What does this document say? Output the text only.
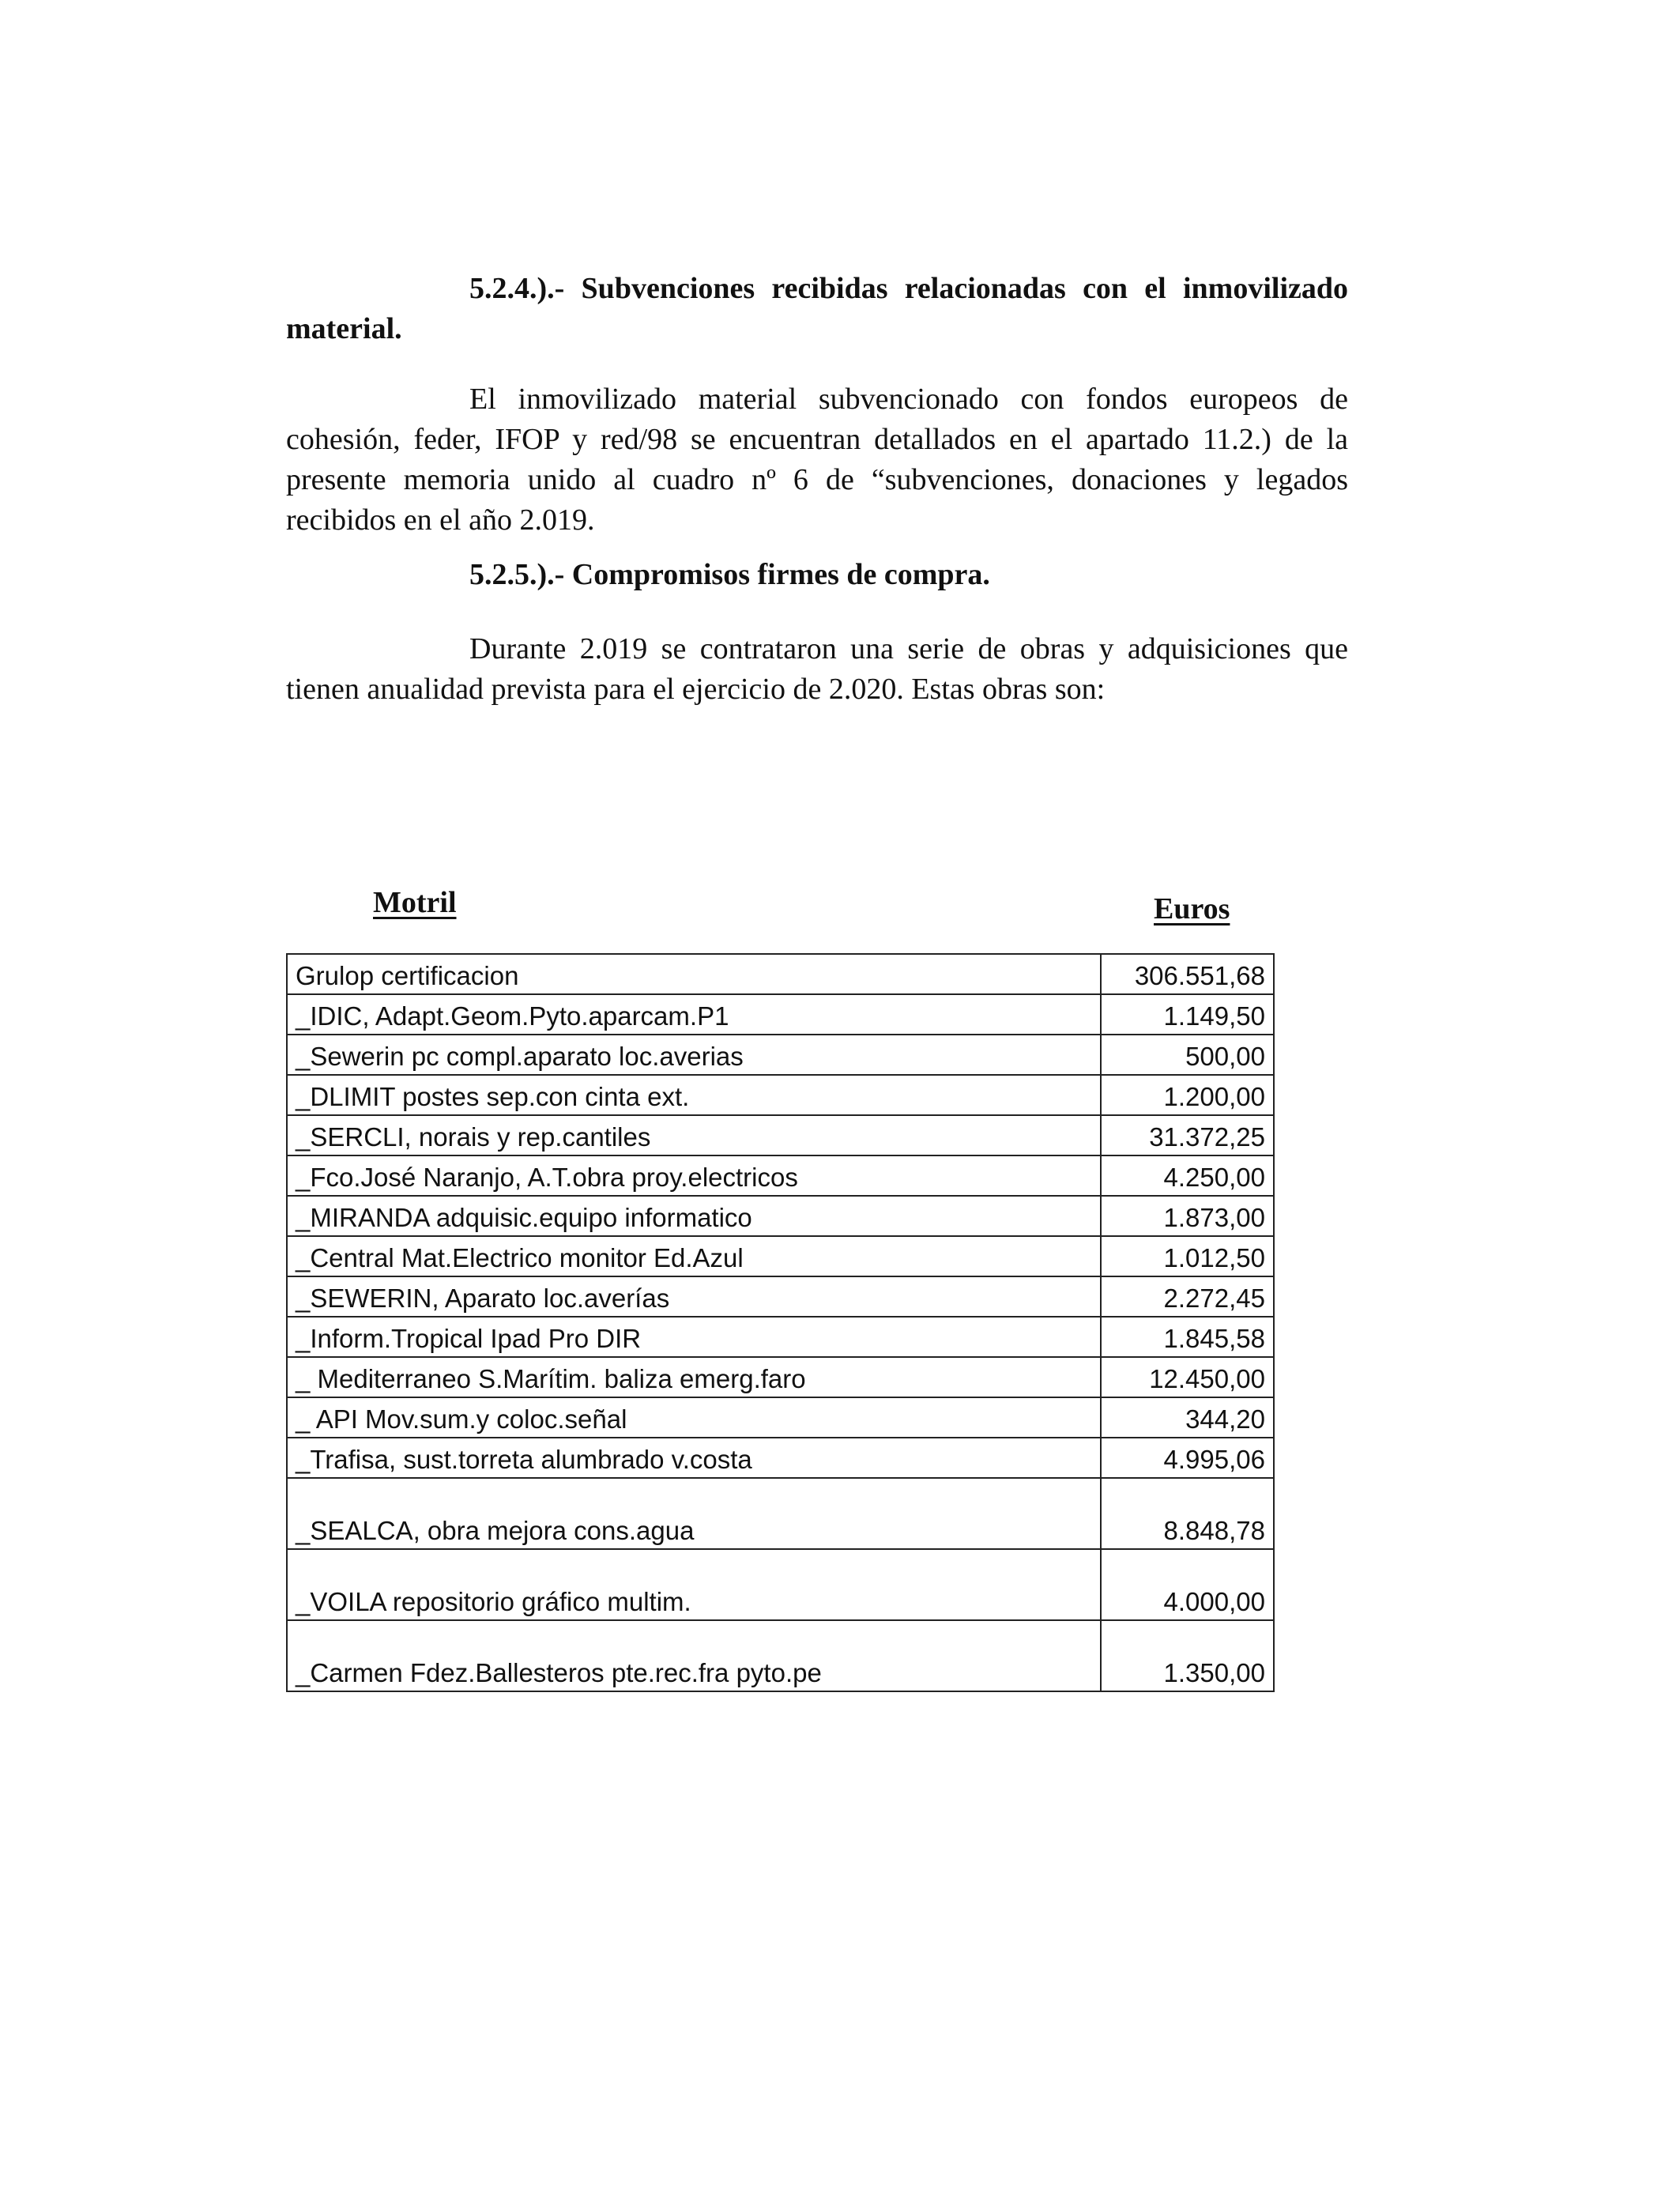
5.2.4.).- Subvenciones recibidas relacionadas con el inmovilizado material.
El inmovilizado material subvencionado con fondos europeos de cohesión, feder, IFOP y red/98 se encuentran detallados en el apartado 11.2.) de la presente memoria unido al cuadro nº 6 de “subvenciones, donaciones y legados recibidos en el año 2.019.
5.2.5.).- Compromisos firmes de compra.
Durante 2.019 se contrataron una serie de obras y adquisiciones que tienen anualidad prevista para el ejercicio de 2.020. Estas obras son:
Motril	Euros
Grulop certificacion	306.551,68
_IDIC, Adapt.Geom.Pyto.aparcam.P1	1.149,50
_Sewerin pc compl.aparato loc.averias	500,00
_DLIMIT postes sep.con cinta ext.	1.200,00
_SERCLI, norais y rep.cantiles	31.372,25
_Fco.José Naranjo, A.T.obra proy.electricos	4.250,00
_MIRANDA adquisic.equipo informatico	1.873,00
_Central Mat.Electrico monitor Ed.Azul	1.012,50
_SEWERIN, Aparato loc.averías	2.272,45
_Inform.Tropical Ipad Pro DIR	1.845,58
_ Mediterraneo S.Marítim. baliza emerg.faro	12.450,00
_ API Mov.sum.y coloc.señal	344,20
_Trafisa, sust.torreta alumbrado v.costa	4.995,06
_SEALCA, obra mejora cons.agua	8.848,78
_VOILA repositorio gráfico multim.	4.000,00
_Carmen Fdez.Ballesteros pte.rec.fra pyto.pe	1.350,00
